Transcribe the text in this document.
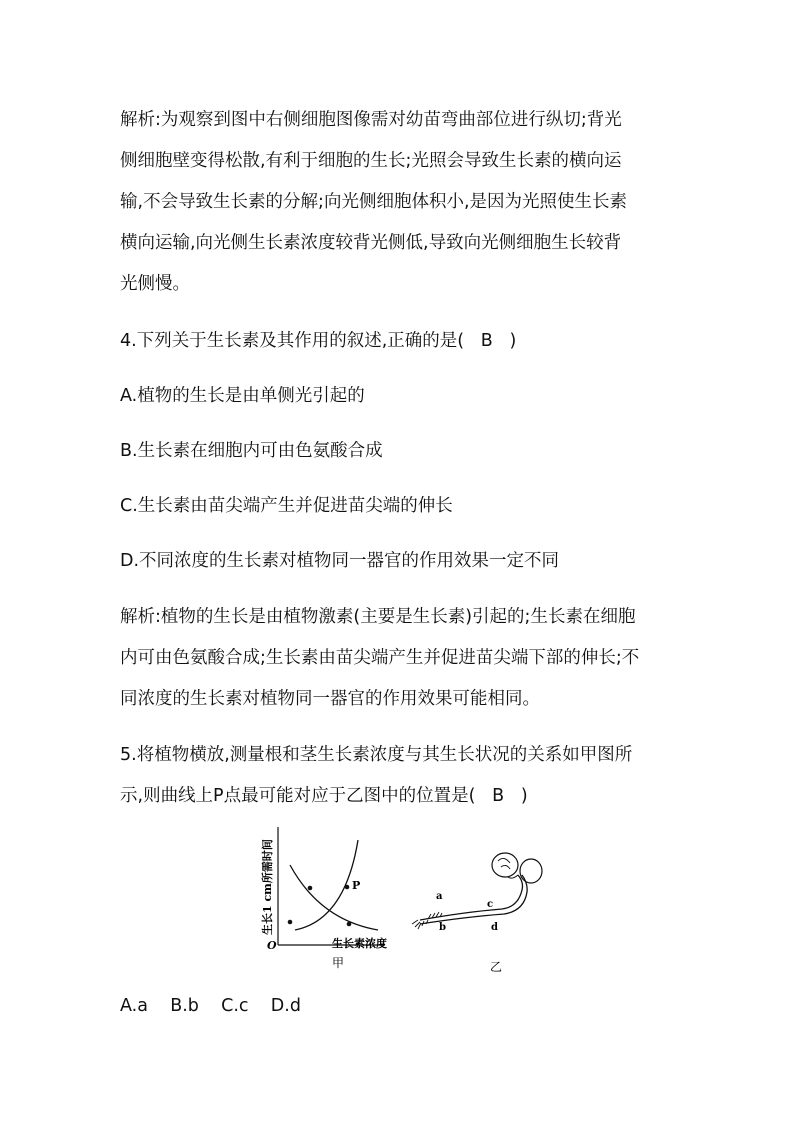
解析:为观察到图中右侧细胞图像需对幼苗弯曲部位进行纵切;背光
侧细胞壁变得松散,有利于细胞的生长;光照会导致生长素的横向运
输,不会导致生长素的分解;向光侧细胞体积小,是因为光照使生长素
横向运输,向光侧生长素浓度较背光侧低,导致向光侧细胞生长较背
光侧慢。
4.下列关于生长素及其作用的叙述,正确的是(   B   )
A.植物的生长是由单侧光引起的
B.生长素在细胞内可由色氨酸合成
C.生长素由苗尖端产生并促进苗尖端的伸长
D.不同浓度的生长素对植物同一器官的作用效果一定不同
解析:植物的生长是由植物激素(主要是生长素)引起的;生长素在细胞
内可由色氨酸合成;生长素由苗尖端产生并促进苗尖端下部的伸长;不
同浓度的生长素对植物同一器官的作用效果可能相同。
5.将植物横放,测量根和茎生长素浓度与其生长状况的关系如甲图所
示,则曲线上P点最可能对应于乙图中的位置是(   B   )
P
O	生长素浓度
生长1 cm所需时间
甲
a
b
c
d
乙
A.a    B.b    C.c    D.d
